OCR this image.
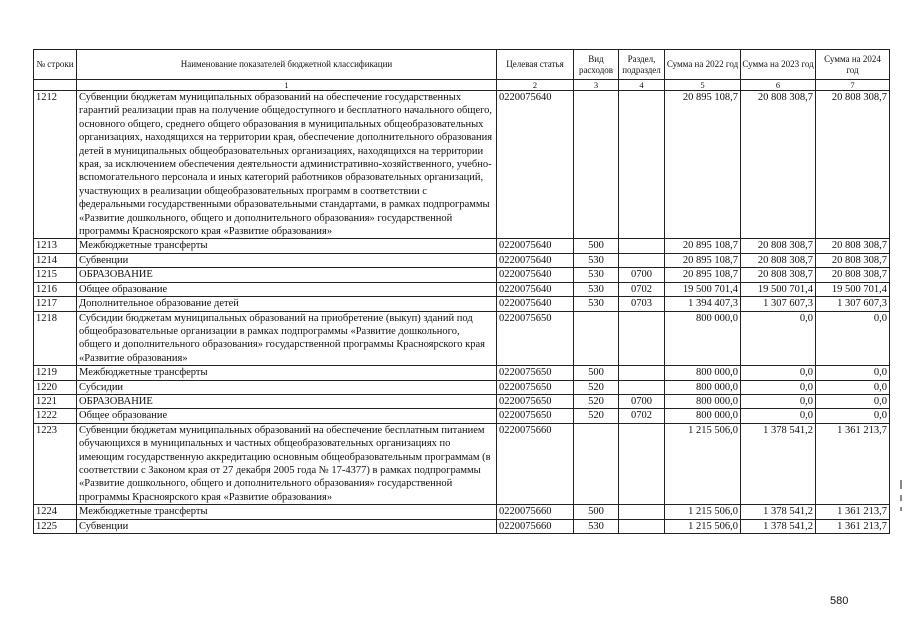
№ строки	Наименование показателей бюджетной классификации	Целевая статья	Вид расходов	Раздел, подраздел	Сумма на 2022 год	Сумма на 2023 год	Сумма на 2024 год
	1	2	3	4	5	6	7
1212	Субвенции бюджетам муниципальных образований на обеспечение государственных гарантий реализации прав на получение общедоступного и бесплатного начального общего, основного общего, среднего общего образования в муниципальных общеобразовательных организациях, находящихся на территории края, обеспечение дополнительного образования детей в муниципальных общеобразовательных организациях, находящихся на территории края, за исключением обеспечения деятельности административно-хозяйственного, учебно-вспомогательного персонала и иных категорий работников образовательных организаций, участвующих в реализации общеобразовательных программ в соответствии с федеральными государственными образовательными стандартами, в рамках подпрограммы «Развитие дошкольного, общего и дополнительного образования» государственной программы Красноярского края «Развитие образования»	0220075640			20 895 108,7	20 808 308,7	20 808 308,7
1213	Межбюджетные трансферты	0220075640	500		20 895 108,7	20 808 308,7	20 808 308,7
1214	Субвенции	0220075640	530		20 895 108,7	20 808 308,7	20 808 308,7
1215	ОБРАЗОВАНИЕ	0220075640	530	0700	20 895 108,7	20 808 308,7	20 808 308,7
1216	Общее образование	0220075640	530	0702	19 500 701,4	19 500 701,4	19 500 701,4
1217	Дополнительное образование детей	0220075640	530	0703	1 394 407,3	1 307 607,3	1 307 607,3
1218	Субсидии бюджетам муниципальных образований на приобретение (выкуп) зданий под общеобразовательные организации в рамках подпрограммы «Развитие дошкольного, общего и дополнительного образования» государственной программы Красноярского края «Развитие образования»	0220075650			800 000,0	0,0	0,0
1219	Межбюджетные трансферты	0220075650	500		800 000,0	0,0	0,0
1220	Субсидии	0220075650	520		800 000,0	0,0	0,0
1221	ОБРАЗОВАНИЕ	0220075650	520	0700	800 000,0	0,0	0,0
1222	Общее образование	0220075650	520	0702	800 000,0	0,0	0,0
1223	Субвенции бюджетам муниципальных образований на обеспечение бесплатным питанием обучающихся в муниципальных и частных общеобразовательных организациях по имеющим государственную аккредитацию основным общеобразовательным программам (в соответствии с Законом края от 27 декабря 2005 года № 17-4377) в рамках подпрограммы «Развитие дошкольного, общего и дополнительного образования» государственной программы Красноярского края «Развитие образования»	0220075660			1 215 506,0	1 378 541,2	1 361 213,7
1224	Межбюджетные трансферты	0220075660	500		1 215 506,0	1 378 541,2	1 361 213,7
1225	Субвенции	0220075660	530		1 215 506,0	1 378 541,2	1 361 213,7
580
